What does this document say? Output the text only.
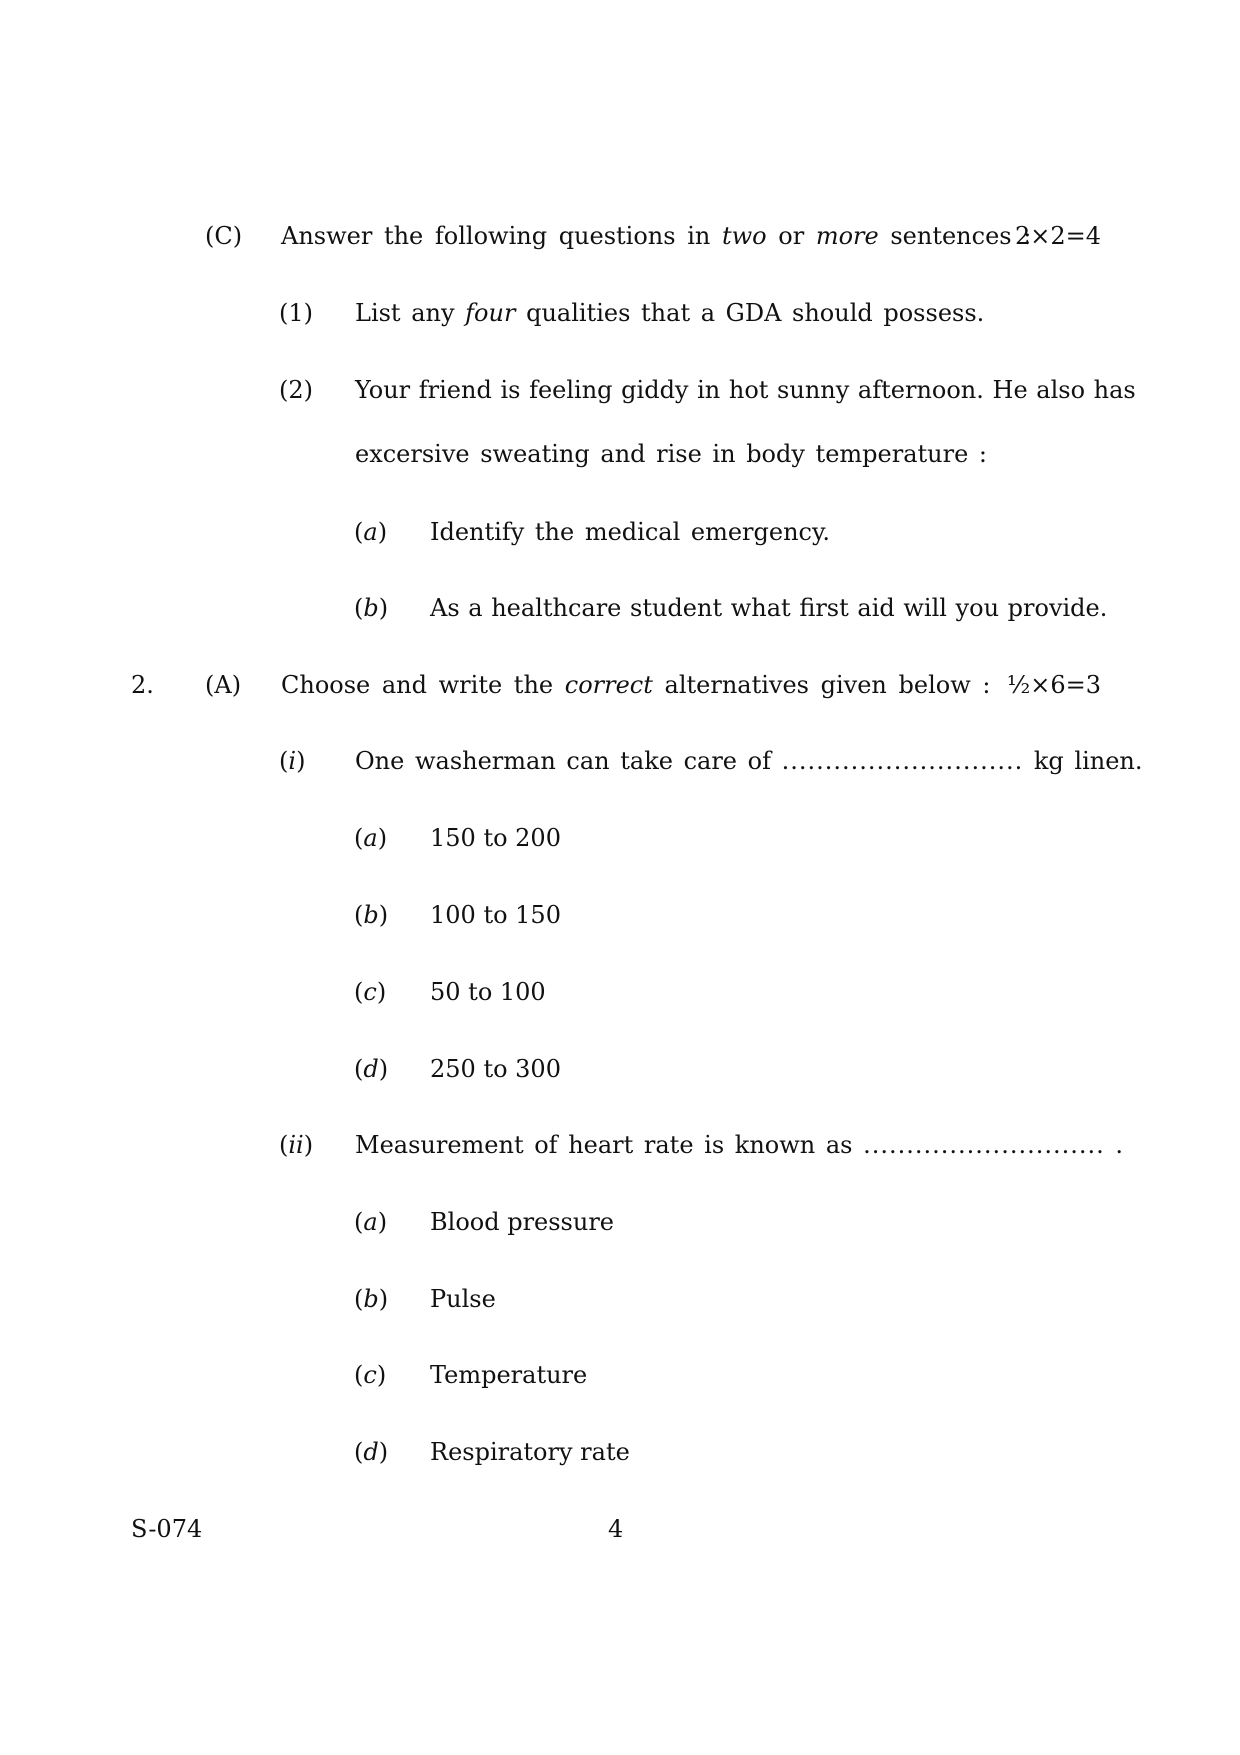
(C) Answer the following questions in two or more sentences :
2×2=4
(1) List any four qualities that a GDA should possess.
(2) Your friend is feeling giddy in hot sunny afternoon. He also has
excersive sweating and rise in body temperature :
(a) Identify the medical emergency.
(b) As a healthcare student what first aid will you provide.
2. (A) Choose and write the correct alternatives given below : ½×6=3
(i) One washerman can take care of ............................ kg linen.
(a) 150 to 200
(b) 100 to 150
(c) 50 to 100
(d) 250 to 300
(ii) Measurement of heart rate is known as ............................ .
(a) Blood pressure
(b) Pulse
(c) Temperature
(d) Respiratory rate
S-074	4
